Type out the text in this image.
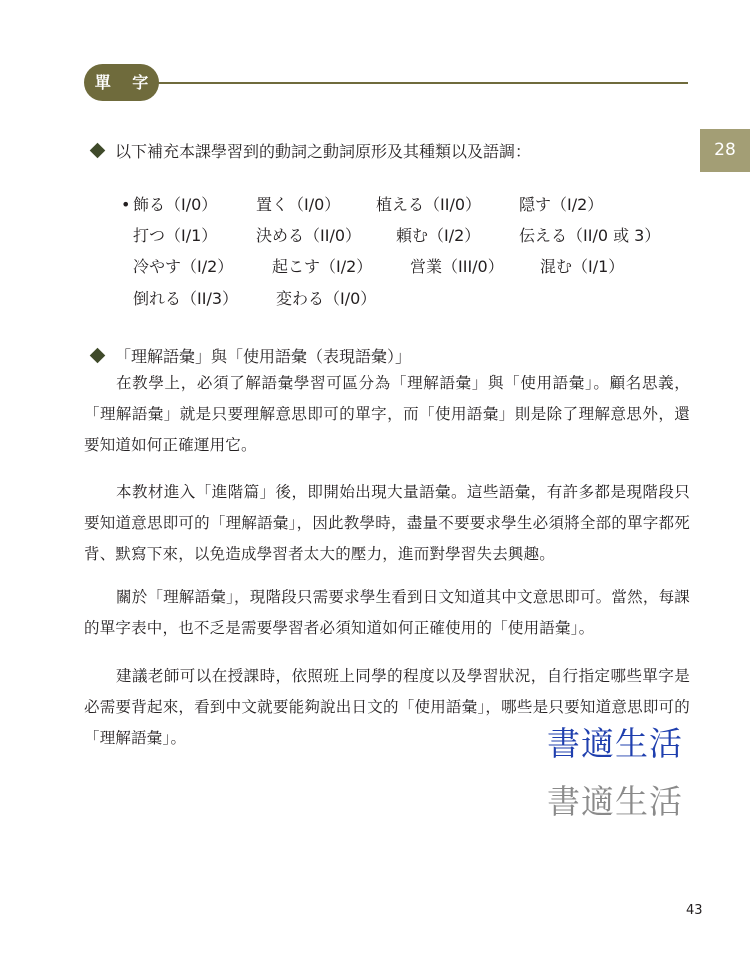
單 字
28
以下補充本課學習到的動詞之動詞原形及其種類以及語調：
• 飾る（I/0） 置く（I/0） 植える（II/0） 隠す（I/2）
打つ（I/1） 決める（II/0） 頼む（I/2） 伝える（II/0 或 3）
冷やす（I/2） 起こす（I/2） 営業（III/0） 混む（I/1）
倒れる（II/3） 変わる（I/0）
「理解語彙」與「使用語彙（表現語彙）」

在教學上，必須了解語彙學習可區分為「理解語彙」與「使用語彙」。顧名思義，「理解語彙」就是只要理解意思即可的單字，而「使用語彙」則是除了理解意思外，還要知道如何正確運用它。

本教材進入「進階篇」後，即開始出現大量語彙。這些語彙，有許多都是現階段只要知道意思即可的「理解語彙」，因此教學時，盡量不要要求學生必須將全部的單字都死背、默寫下來，以免造成學習者太大的壓力，進而對學習失去興趣。

關於「理解語彙」，現階段只需要求學生看到日文知道其中文意思即可。當然，每課的單字表中，也不乏是需要學習者必須知道如何正確使用的「使用語彙」。

建議老師可以在授課時，依照班上同學的程度以及學習狀況，自行指定哪些單字是必需要背起來，看到中文就要能夠說出日文的「使用語彙」，哪些是只要知道意思即可的「理解語彙」。	書適生活
書適生活
43
